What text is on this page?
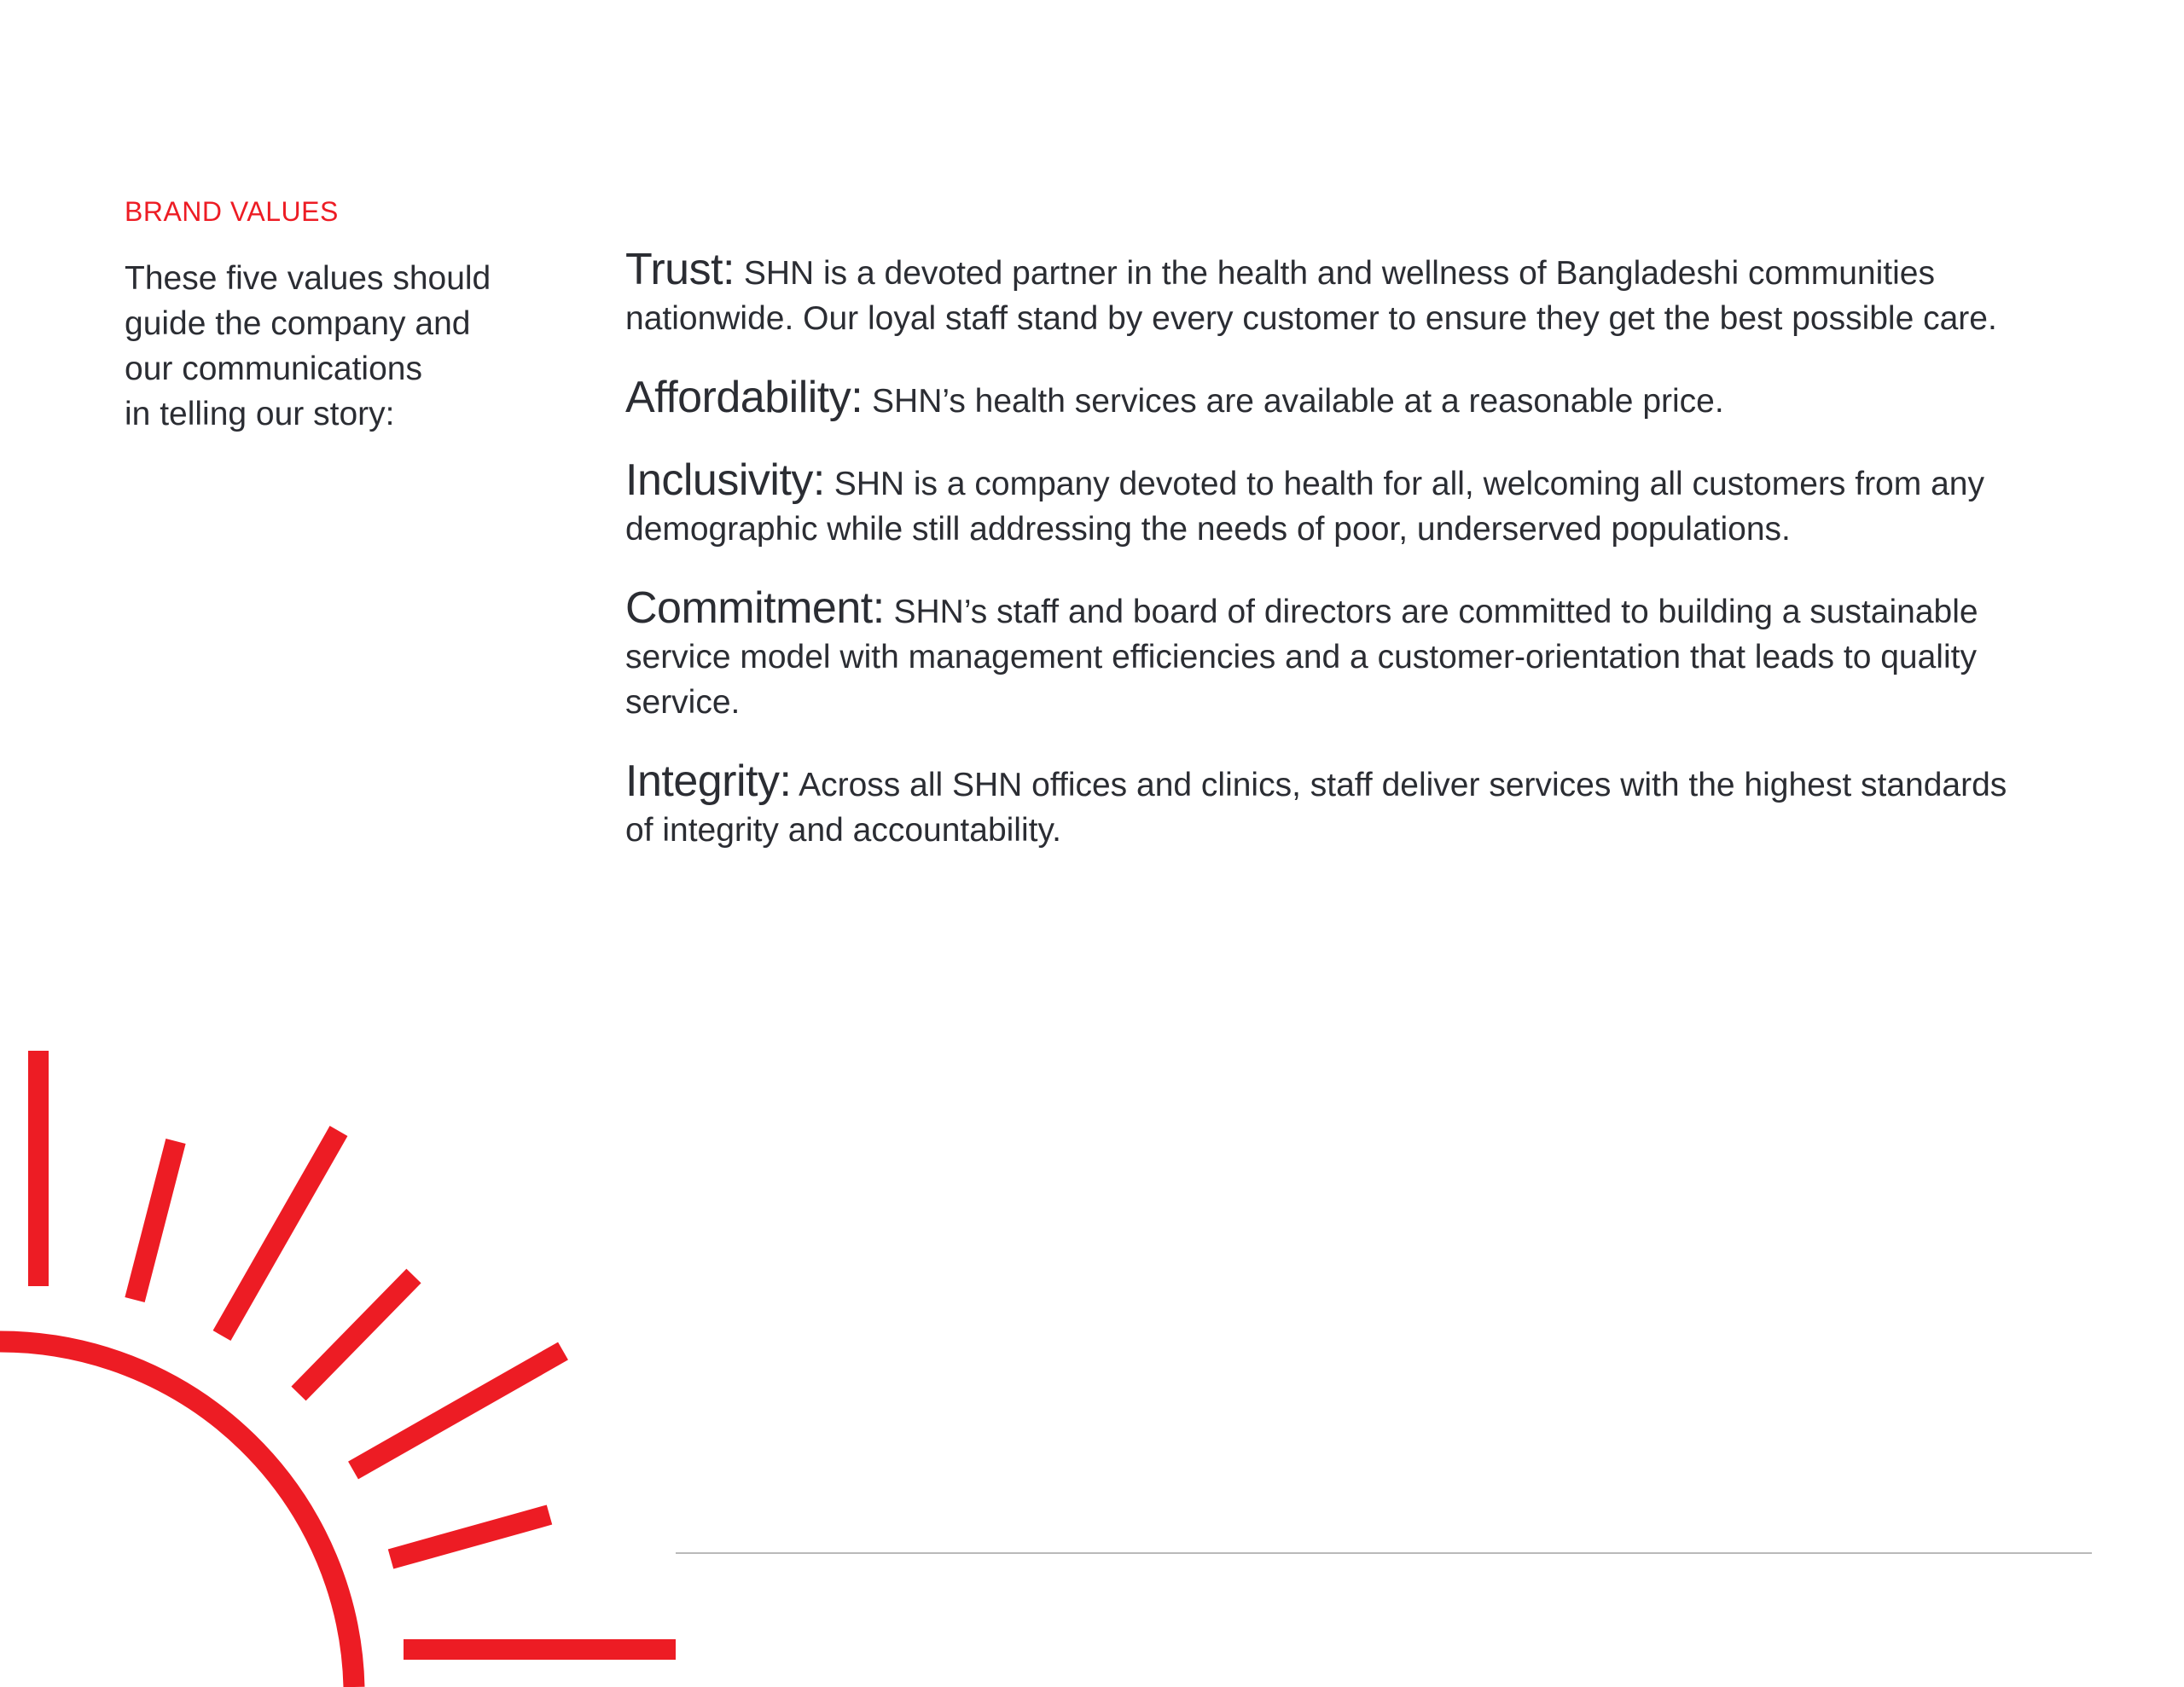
BRAND VALUES

These five values should
guide the company and
our communications
in telling our story:

Trust: SHN is a devoted partner in the health and wellness of Bangladeshi communities nationwide. Our loyal staff stand by every customer to ensure they get the best possible care.
Affordability: SHN’s health services are available at a reasonable price.
Inclusivity: SHN is a company devoted to health for all, welcoming all customers from any demographic while still addressing the needs of poor, underserved populations.
Commitment: SHN’s staff and board of directors are committed to building a sustainable service model with management efficiencies and a customer-orientation that leads to quality service.
Integrity: Across all SHN offices and clinics, staff deliver services with the highest standards of integrity and accountability.
